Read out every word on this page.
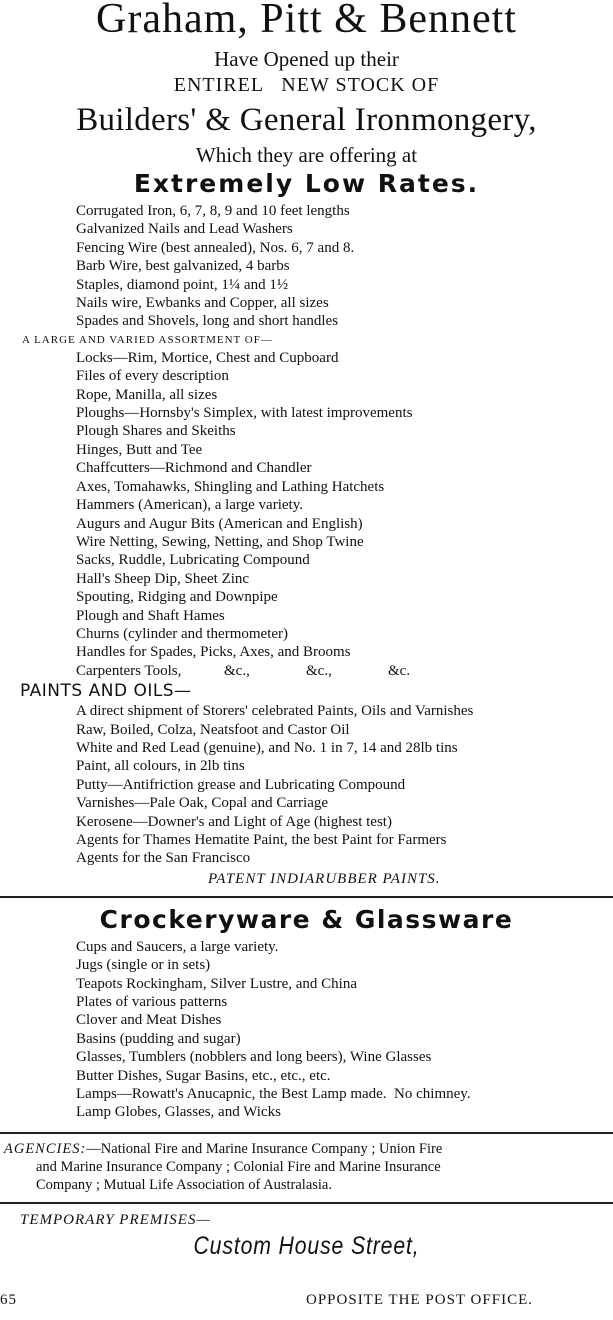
Graham, Pitt & Bennett
Have Opened up their
ENTIREL   NEW STOCK OF
Builders' & General Ironmongery,
Which they are offering at
Extremely Low Rates.
Corrugated Iron, 6, 7, 8, 9 and 10 feet lengths
Galvanized Nails and Lead Washers
Fencing Wire (best annealed), Nos. 6, 7 and 8.
Barb Wire, best galvanized, 4 barbs
Staples, diamond point, 1¼ and 1½
Nails wire, Ewbanks and Copper, all sizes
Spades and Shovels, long and short handles
A LARGE AND VARIED ASSORTMENT OF—
Locks—Rim, Mortice, Chest and Cupboard
Files of every description
Rope, Manilla, all sizes
Ploughs—Hornsby's Simplex, with latest improvements
Plough Shares and Skeiths
Hinges, Butt and Tee
Chaffcutters—Richmond and Chandler
Axes, Tomahawks, Shingling and Lathing Hatchets
Hammers (American), a large variety.
Augurs and Augur Bits (American and English)
Wire Netting, Sewing, Netting, and Shop Twine
Sacks, Ruddle, Lubricating Compound
Hall's Sheep Dip, Sheet Zinc
Spouting, Ridging and Downpipe
Plough and Shaft Hames
Churns (cylinder and thermometer)
Handles for Spades, Picks, Axes, and Brooms
Carpenters Tools,	&c.,	&c.,	&c.
PAINTS AND OILS—
A direct shipment of Storers' celebrated Paints, Oils and Varnishes
Raw, Boiled, Colza, Neatsfoot and Castor Oil
White and Red Lead (genuine), and No. 1 in 7, 14 and 28lb tins
Paint, all colours, in 2lb tins
Putty—Antifriction grease and Lubricating Compound
Varnishes—Pale Oak, Copal and Carriage
Kerosene—Downer's and Light of Age (highest test)
Agents for Thames Hematite Paint, the best Paint for Farmers
Agents for the San Francisco
PATENT INDIARUBBER PAINTS.
Crockeryware & Glassware
Cups and Saucers, a large variety.
Jugs (single or in sets)
Teapots Rockingham, Silver Lustre, and China
Plates of various patterns
Clover and Meat Dishes
Basins (pudding and sugar)
Glasses, Tumblers (nobblers and long beers), Wine Glasses
Butter Dishes, Sugar Basins, etc., etc., etc.
Lamps—Rowatt's Anucapnic, the Best Lamp made.  No chimney.
Lamp Globes, Glasses, and Wicks
AGENCIES:—National Fire and Marine Insurance Company ; Union Fire
and Marine Insurance Company ; Colonial Fire and Marine Insurance
Company ; Mutual Life Association of Australasia.
TEMPORARY PREMISES—
Custom House Street,
65	OPPOSITE THE POST OFFICE.
